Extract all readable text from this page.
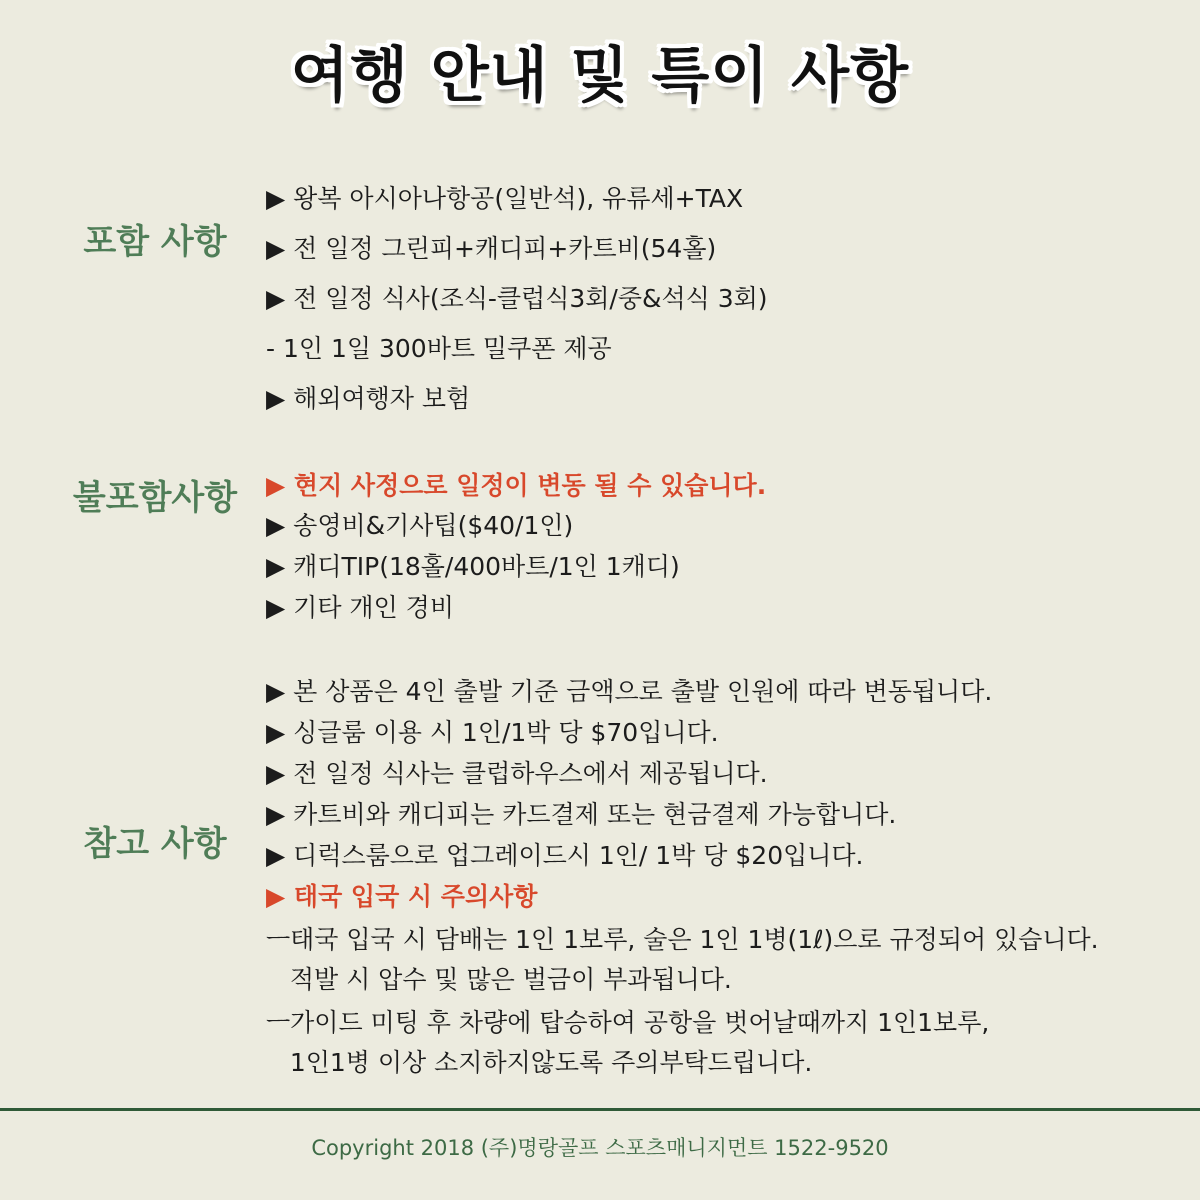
여행 안내 및 특이 사항
포함 사항
▶ 왕복 아시아나항공(일반석), 유류세+TAX
▶ 전 일정 그린피+캐디피+카트비(54홀)
▶ 전 일정 식사(조식-클럽식3회/중&석식 3회)
- 1인 1일 300바트 밀쿠폰 제공
▶ 해외여행자 보험
불포함사항	▶ 현지 사정으로 일정이 변동 될 수 있습니다.
▶ 송영비&기사팁($40/1인)
▶ 캐디TIP(18홀/400바트/1인 1캐디)
▶ 기타 개인 경비
참고 사항
▶ 본 상품은 4인 출발 기준 금액으로 출발 인원에 따라 변동됩니다.
▶ 싱글룸 이용 시 1인/1박 당 $70입니다.
▶ 전 일정 식사는 클럽하우스에서 제공됩니다.
▶ 카트비와 캐디피는 카드결제 또는 현금결제 가능합니다.
▶ 디럭스룸으로 업그레이드시 1인/ 1박 당 $20입니다.
▶ 태국 입국 시 주의사항
ㅡ태국 입국 시 담배는 1인 1보루, 술은 1인 1병(1ℓ)으로 규정되어 있습니다.
적발 시 압수 및 많은 벌금이 부과됩니다.
ㅡ가이드 미팅 후 차량에 탑승하여 공항을 벗어날때까지 1인1보루,
1인1병 이상 소지하지않도록 주의부탁드립니다.
Copyright 2018 (주)명랑골프 스포츠매니지먼트 1522-9520
